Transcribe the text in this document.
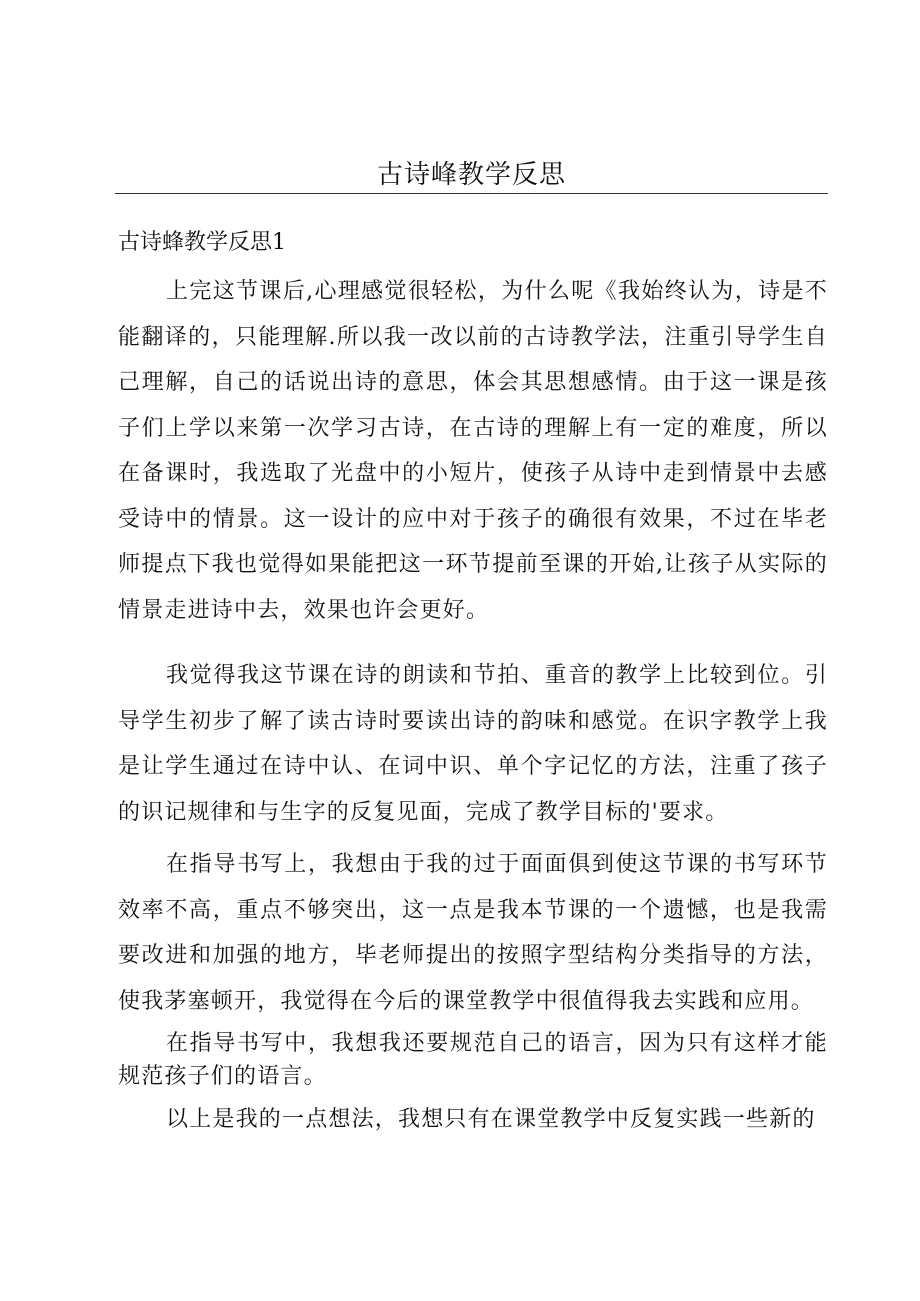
古诗峰教学反思
古诗蜂教学反思1

上完这节课后,心理感觉很轻松，为什么呢《我始终认为，诗是不能翻译的，只能理解.所以我一改以前的古诗教学法，注重引导学生自己理解，自己的话说出诗的意思，体会其思想感情。由于这一课是孩子们上学以来第一次学习古诗，在古诗的理解上有一定的难度，所以在备课时，我选取了光盘中的小短片，使孩子从诗中走到情景中去感受诗中的情景。这一设计的应中对于孩子的确很有效果，不过在毕老师提点下我也觉得如果能把这一环节提前至课的开始,让孩子从实际的情景走进诗中去，效果也许会更好。

我觉得我这节课在诗的朗读和节拍、重音的教学上比较到位。引导学生初步了解了读古诗时要读出诗的韵味和感觉。在识字教学上我是让学生通过在诗中认、在词中识、单个字记忆的方法，注重了孩子的识记规律和与生字的反复见面，完成了教学目标的'要求。

在指导书写上，我想由于我的过于面面俱到使这节课的书写环节效率不高，重点不够突出，这一点是我本节课的一个遗憾，也是我需要改进和加强的地方，毕老师提出的按照字型结构分类指导的方法，使我茅塞顿开，我觉得在今后的课堂教学中很值得我去实践和应用。

在指导书写中，我想我还要规范自己的语言，因为只有这样才能规范孩子们的语言。

以上是我的一点想法，我想只有在课堂教学中反复实践一些新的
